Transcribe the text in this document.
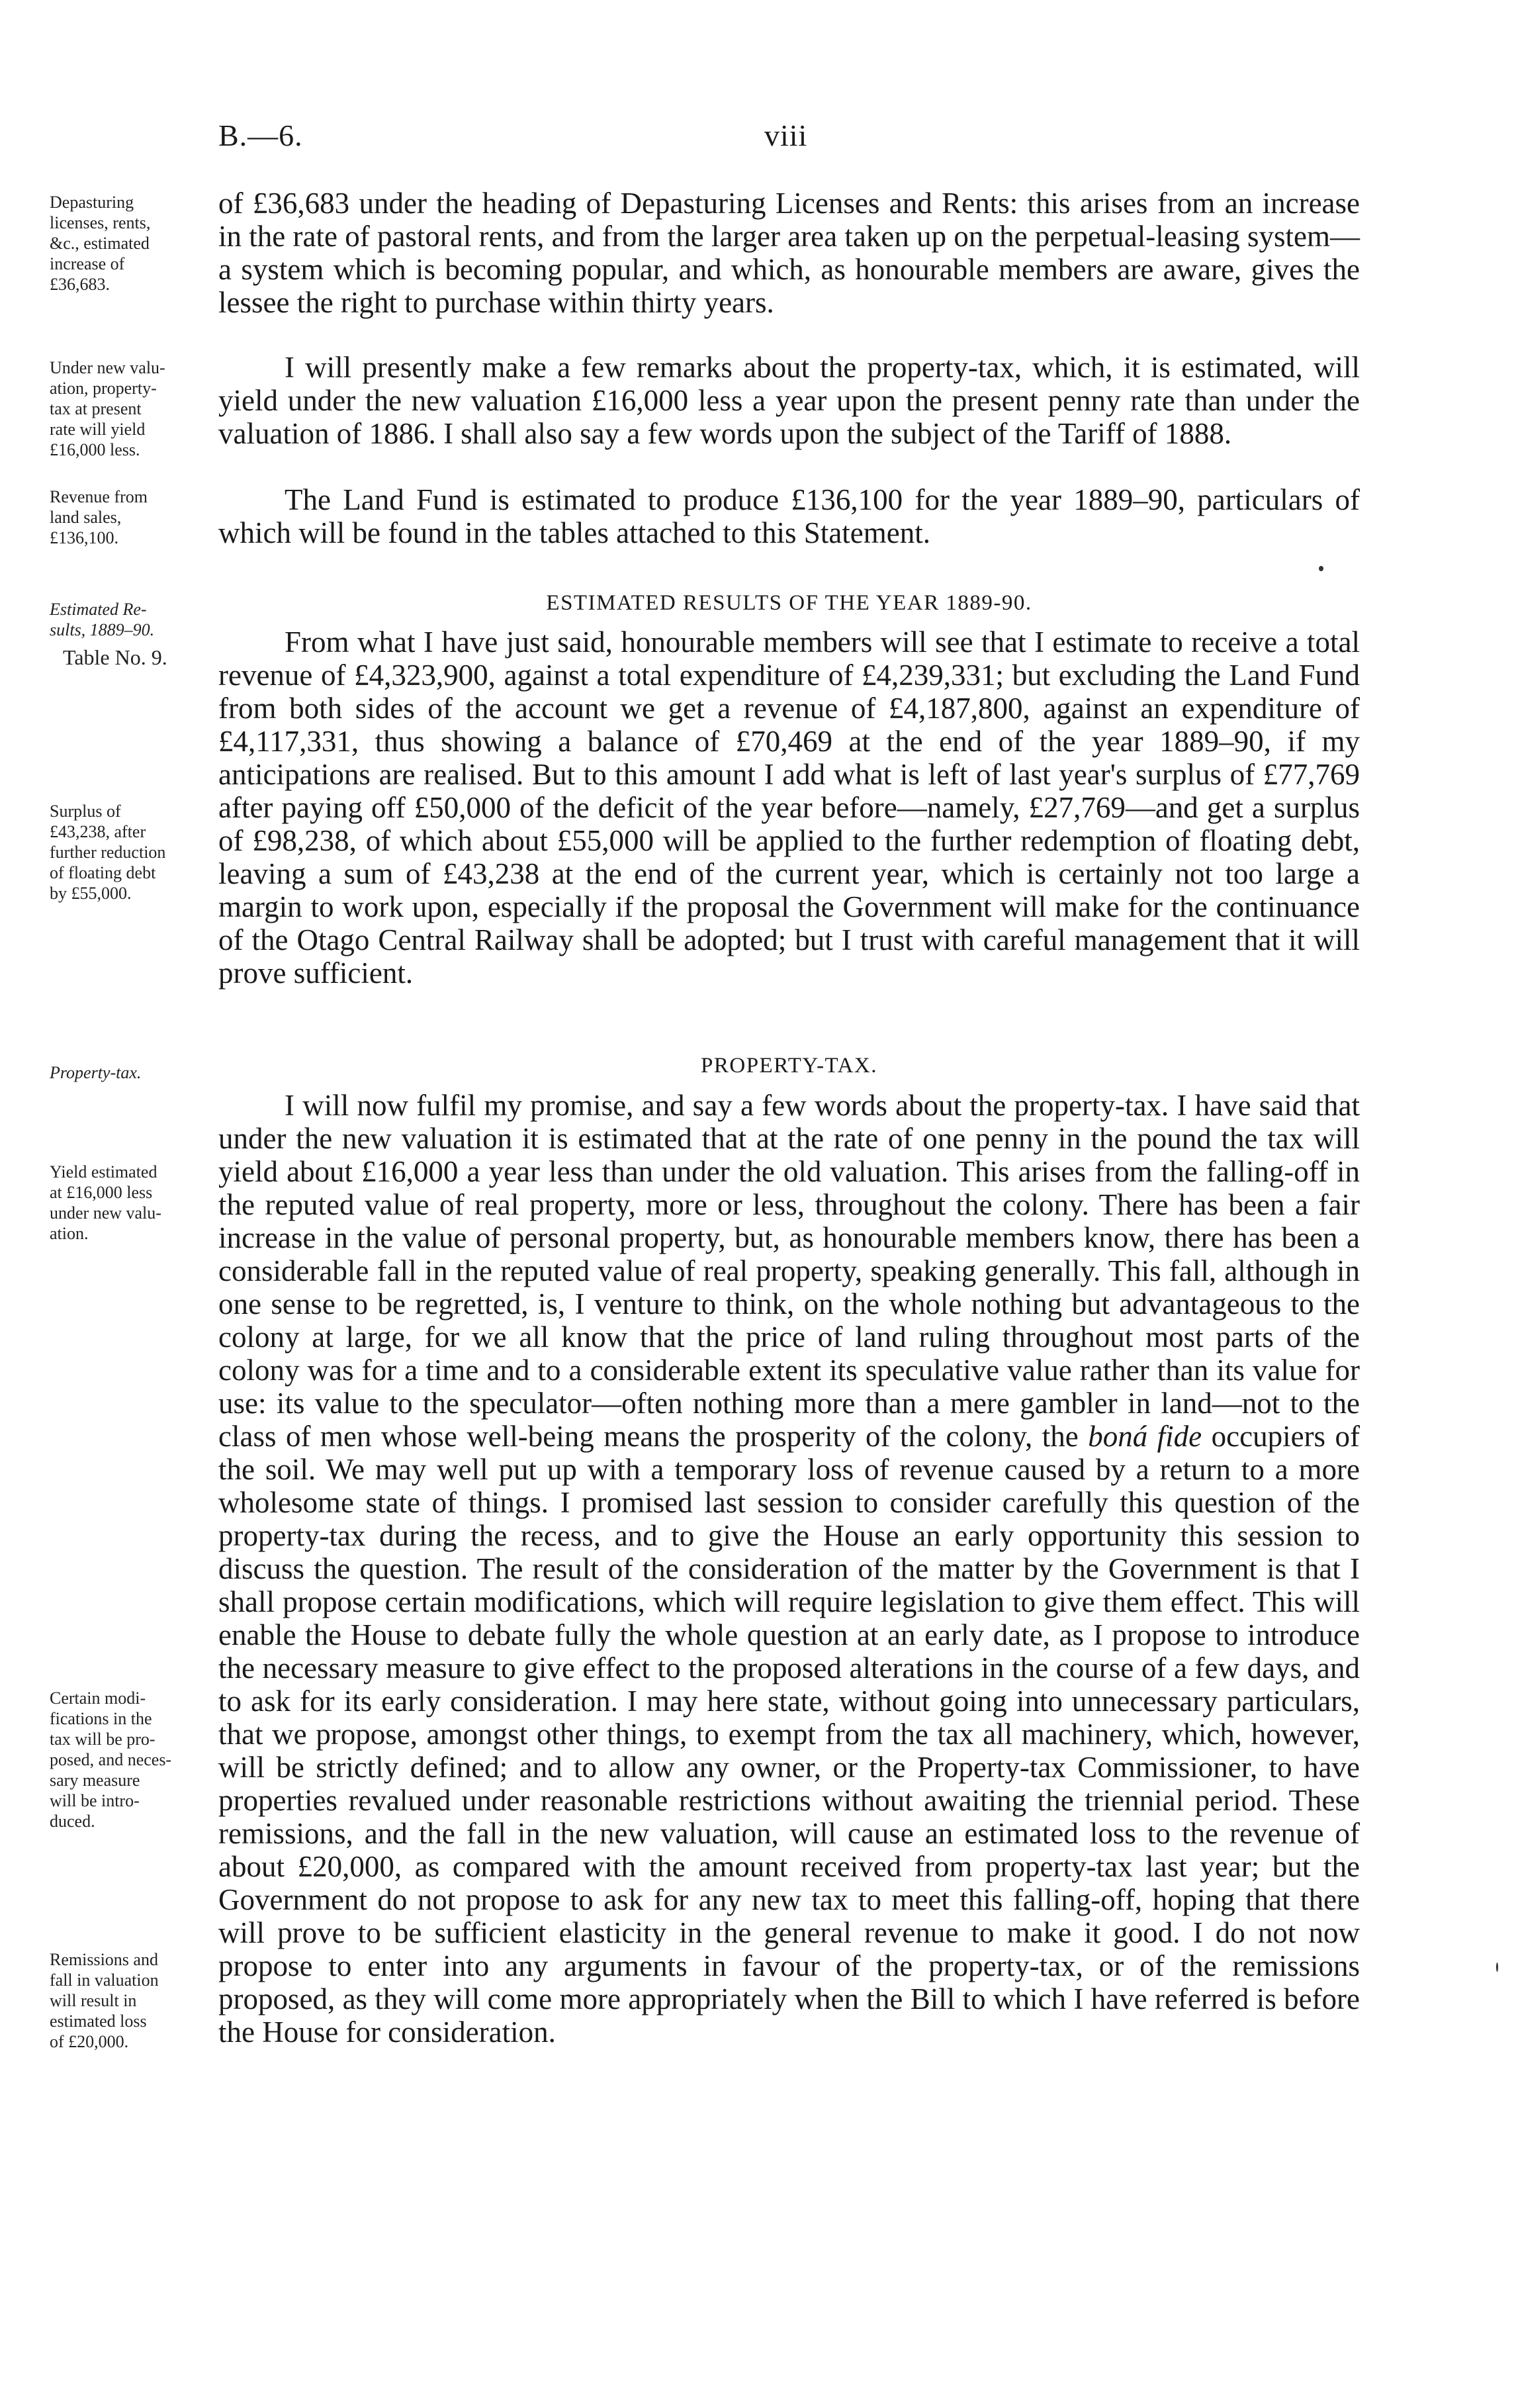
B.—6.	viii
Depasturing
licenses, rents,
&c., estimated
increase of
£36,683.
Under new valu-
ation, property-
tax at present
rate will yield
£16,000 less.
Revenue from
land sales,
£136,100.
Estimated Re-
sults, 1889–90.
Table No. 9.
Surplus of
£43,238, after
further reduction
of floating debt
by £55,000.
Property-tax.
Yield estimated
at £16,000 less
under new valu-
ation.
Certain modi-
fications in the
tax will be pro-
posed, and neces-
sary measure
will be intro-
duced.
Remissions and
fall in valuation
will result in
estimated loss
of £20,000.
of £36,683 under the heading of Depasturing Licenses and Rents: this arises from an increase in the rate of pastoral rents, and from the larger area taken up on the perpetual-leasing system—a system which is becoming popular, and which, as honourable members are aware, gives the lessee the right to purchase within thirty years.
I will presently make a few remarks about the property-tax, which, it is estimated, will yield under the new valuation £16,000 less a year upon the present penny rate than under the valuation of 1886. I shall also say a few words upon the subject of the Tariff of 1888.
The Land Fund is estimated to produce £136,100 for the year 1889–90, particulars of which will be found in the tables attached to this Statement.
ESTIMATED RESULTS OF THE YEAR 1889-90.
From what I have just said, honourable members will see that I estimate to receive a total revenue of £4,323,900, against a total expenditure of £4,239,331; but excluding the Land Fund from both sides of the account we get a revenue of £4,187,800, against an expenditure of £4,117,331, thus showing a balance of £70,469 at the end of the year 1889–90, if my anticipations are realised. But to this amount I add what is left of last year's surplus of £77,769 after paying off £50,000 of the deficit of the year before—namely, £27,769—and get a surplus of £98,238, of which about £55,000 will be applied to the further redemption of floating debt, leaving a sum of £43,238 at the end of the current year, which is certainly not too large a margin to work upon, especially if the proposal the Government will make for the continuance of the Otago Central Railway shall be adopted; but I trust with careful management that it will prove sufficient.
PROPERTY-TAX.
I will now fulfil my promise, and say a few words about the property-tax. I have said that under the new valuation it is estimated that at the rate of one penny in the pound the tax will yield about £16,000 a year less than under the old valuation. This arises from the falling-off in the reputed value of real property, more or less, throughout the colony. There has been a fair increase in the value of personal property, but, as honourable members know, there has been a considerable fall in the reputed value of real property, speaking generally. This fall, although in one sense to be regretted, is, I venture to think, on the whole nothing but advantageous to the colony at large, for we all know that the price of land ruling throughout most parts of the colony was for a time and to a considerable extent its speculative value rather than its value for use: its value to the speculator—often nothing more than a mere gambler in land—not to the class of men whose well-being means the prosperity of the colony, the boná fide occupiers of the soil. We may well put up with a temporary loss of revenue caused by a return to a more wholesome state of things. I promised last session to consider carefully this question of the property-tax during the recess, and to give the House an early opportunity this session to discuss the question. The result of the consideration of the matter by the Government is that I shall propose certain modifications, which will require legislation to give them effect. This will enable the House to debate fully the whole question at an early date, as I propose to introduce the necessary measure to give effect to the proposed alterations in the course of a few days, and to ask for its early consideration. I may here state, without going into unnecessary particulars, that we propose, amongst other things, to exempt from the tax all machinery, which, however, will be strictly defined; and to allow any owner, or the Property-tax Commissioner, to have properties revalued under reasonable restrictions without awaiting the triennial period. These remissions, and the fall in the new valuation, will cause an estimated loss to the revenue of about £20,000, as compared with the amount received from property-tax last year; but the Government do not propose to ask for any new tax to meet this falling-off, hoping that there will prove to be sufficient elasticity in the general revenue to make it good. I do not now propose to enter into any arguments in favour of the property-tax, or of the remissions proposed, as they will come more appropriately when the Bill to which I have referred is before the House for consideration.
